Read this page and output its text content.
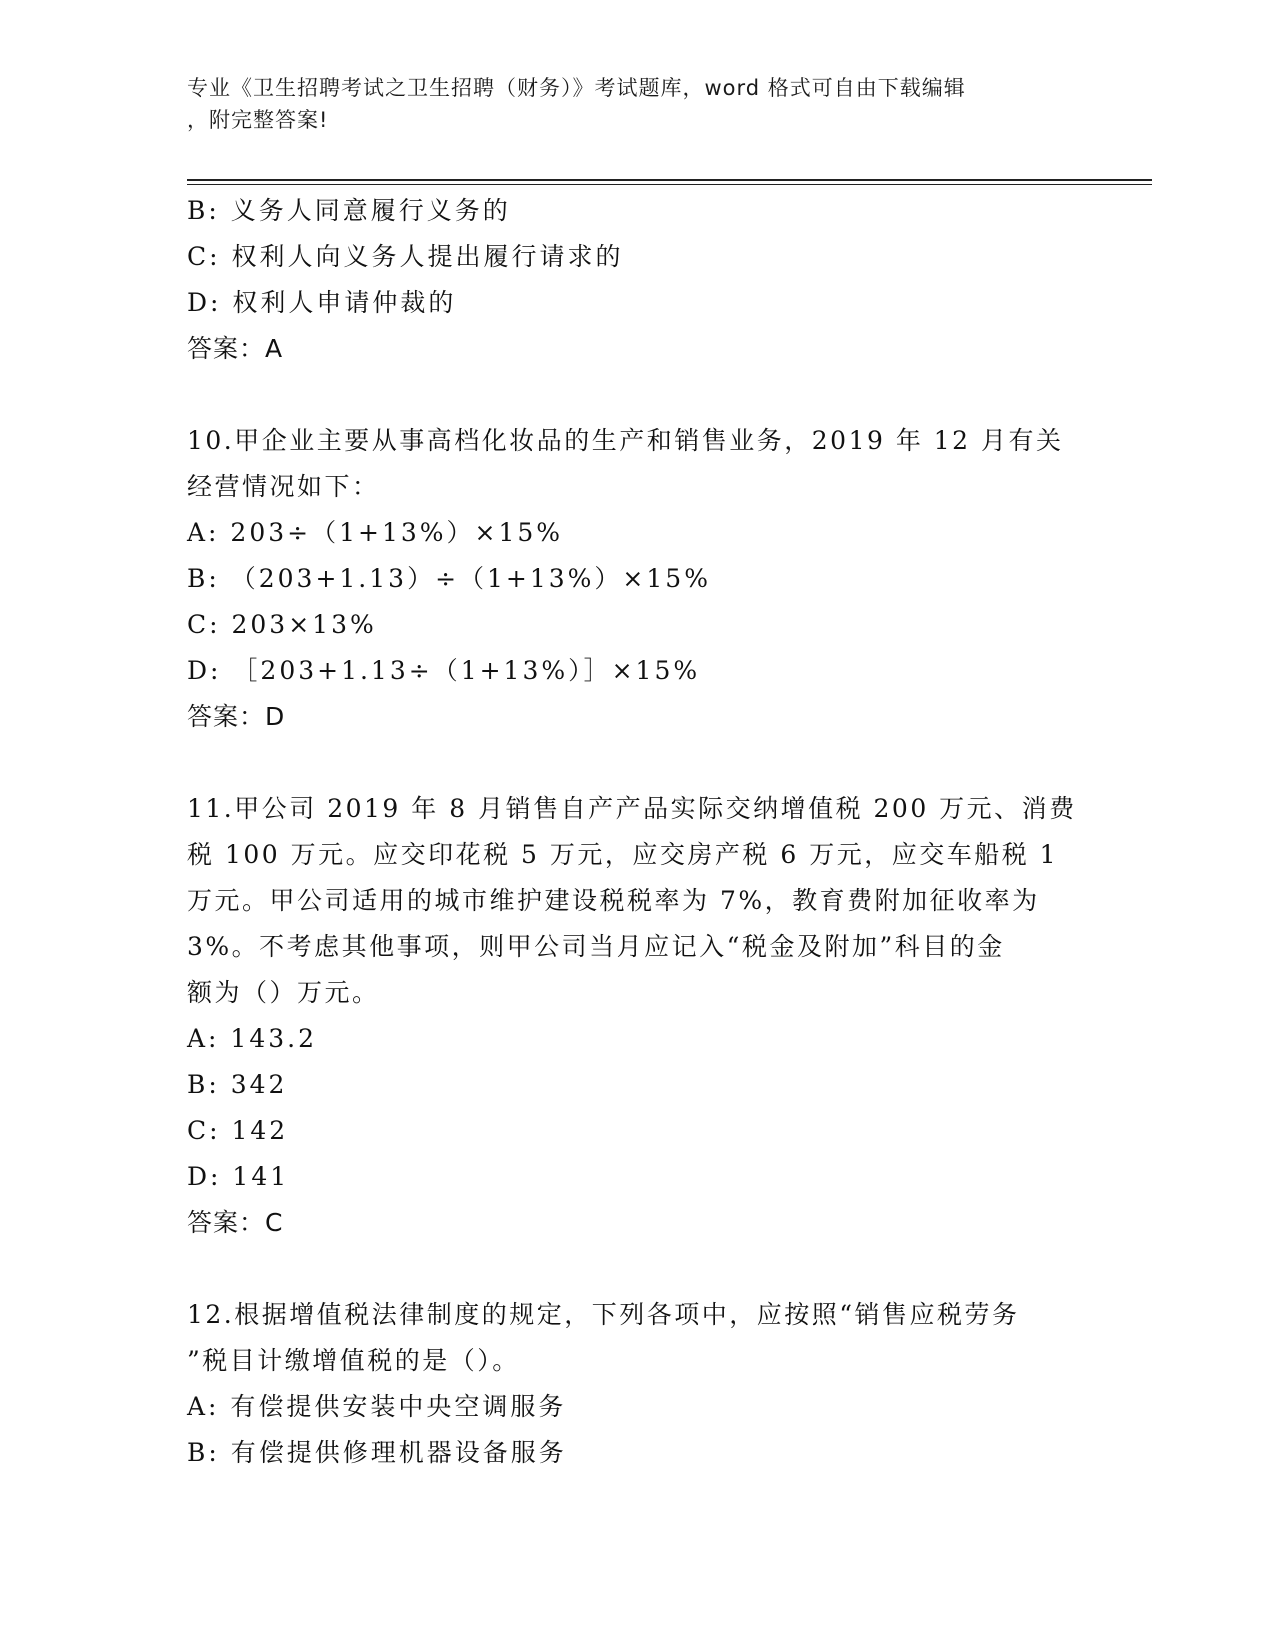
专业《卫生招聘考试之卫生招聘（财务）》考试题库，word 格式可自由下载编辑
，附完整答案!
B: 义务人同意履行义务的
C: 权利人向义务人提出履行请求的
D: 权利人申请仲裁的
答案：A
10.甲企业主要从事高档化妆品的生产和销售业务，2019 年 12 月有关
经营情况如下：
A: 203÷（1+13%）×15%
B: （203+1.13）÷（1+13%）×15%
C: 203×13%
D: ［203+1.13÷（1+13%）］×15%
答案：D
11.甲公司 2019 年 8 月销售自产产品实际交纳增值税 200 万元、消费
税 100 万元。应交印花税 5 万元，应交房产税 6 万元，应交车船税 1
万元。甲公司适用的城市维护建设税税率为 7%，教育费附加征收率为
3%。不考虑其他事项，则甲公司当月应记入“税金及附加”科目的金
额为（）万元。
A: 143.2
B: 342
C: 142
D: 141
答案：C
12.根据增值税法律制度的规定，下列各项中，应按照“销售应税劳务
”税目计缴增值税的是（）。
A: 有偿提供安装中央空调服务
B: 有偿提供修理机器设备服务
